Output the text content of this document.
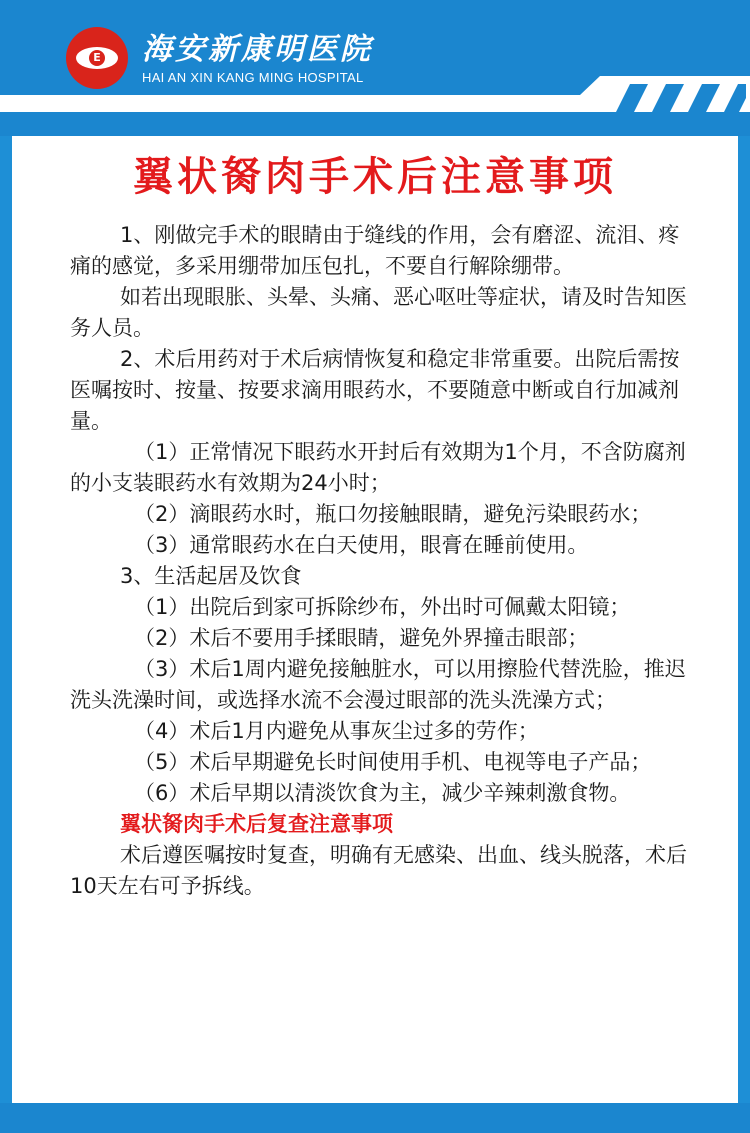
E 海安新康明医院
HAI AN XIN KANG MING HOSPITAL
翼状胬肉手术后注意事项

1、刚做完手术的眼睛由于缝线的作用，会有磨涩、流泪、疼痛的感觉，多采用绷带加压包扎，不要自行解除绷带。

如若出现眼胀、头晕、头痛、恶心呕吐等症状，请及时告知医务人员。

2、术后用药对于术后病情恢复和稳定非常重要。出院后需按医嘱按时、按量、按要求滴用眼药水，不要随意中断或自行加减剂量。

（1）正常情况下眼药水开封后有效期为1个月，不含防腐剂的小支装眼药水有效期为24小时；

（2）滴眼药水时，瓶口勿接触眼睛，避免污染眼药水；

（3）通常眼药水在白天使用，眼膏在睡前使用。

3、生活起居及饮食

（1）出院后到家可拆除纱布，外出时可佩戴太阳镜；

（2）术后不要用手揉眼睛，避免外界撞击眼部；

（3）术后1周内避免接触脏水，可以用擦脸代替洗脸，推迟洗头洗澡时间，或选择水流不会漫过眼部的洗头洗澡方式；

（4）术后1月内避免从事灰尘过多的劳作；

（5）术后早期避免长时间使用手机、电视等电子产品；

（6）术后早期以清淡饮食为主，减少辛辣刺激食物。

翼状胬肉手术后复查注意事项

术后遵医嘱按时复查，明确有无感染、出血、线头脱落，术后10天左右可予拆线。
